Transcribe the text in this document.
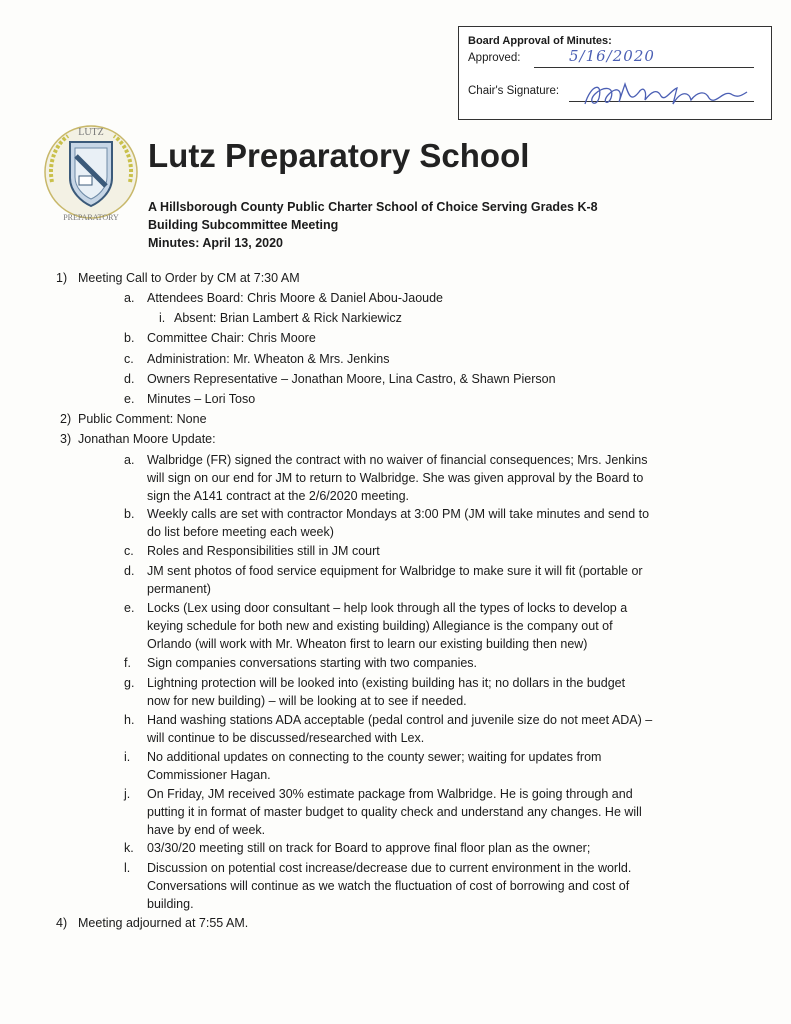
Board Approval of Minutes:
Approved:	5/16/2020
Chair's Signature:
LUTZ
PREPARATORY
Lutz Preparatory School
A Hillsborough County Public Charter School of Choice Serving Grades K-8
Building Subcommittee Meeting
Minutes: April 13, 2020
1) Meeting Call to Order by CM at 7:30 AM
a. Attendees Board: Chris Moore & Daniel Abou-Jaoude
i. Absent: Brian Lambert & Rick Narkiewicz
b. Committee Chair: Chris Moore
c. Administration: Mr. Wheaton & Mrs. Jenkins
d. Owners Representative – Jonathan Moore, Lina Castro, & Shawn Pierson
e. Minutes – Lori Toso
2) Public Comment: None
3) Jonathan Moore Update:
a. Walbridge (FR) signed the contract with no waiver of financial consequences; Mrs. Jenkins
will sign on our end for JM to return to Walbridge. She was given approval by the Board to
sign the A141 contract at the 2/6/2020 meeting.
b. Weekly calls are set with contractor Mondays at 3:00 PM (JM will take minutes and send to
do list before meeting each week)
c. Roles and Responsibilities still in JM court
d. JM sent photos of food service equipment for Walbridge to make sure it will fit (portable or
permanent)
e. Locks (Lex using door consultant – help look through all the types of locks to develop a
keying schedule for both new and existing building) Allegiance is the company out of
Orlando (will work with Mr. Wheaton first to learn our existing building then new)
f. Sign companies conversations starting with two companies.
g. Lightning protection will be looked into (existing building has it; no dollars in the budget
now for new building) – will be looking at to see if needed.
h. Hand washing stations ADA acceptable (pedal control and juvenile size do not meet ADA) –
will continue to be discussed/researched with Lex.
i. No additional updates on connecting to the county sewer; waiting for updates from
Commissioner Hagan.
j. On Friday, JM received 30% estimate package from Walbridge. He is going through and
putting it in format of master budget to quality check and understand any changes. He will
have by end of week.
k. 03/30/20 meeting still on track for Board to approve final floor plan as the owner;
l. Discussion on potential cost increase/decrease due to current environment in the world.
Conversations will continue as we watch the fluctuation of cost of borrowing and cost of
building.
4) Meeting adjourned at 7:55 AM.
